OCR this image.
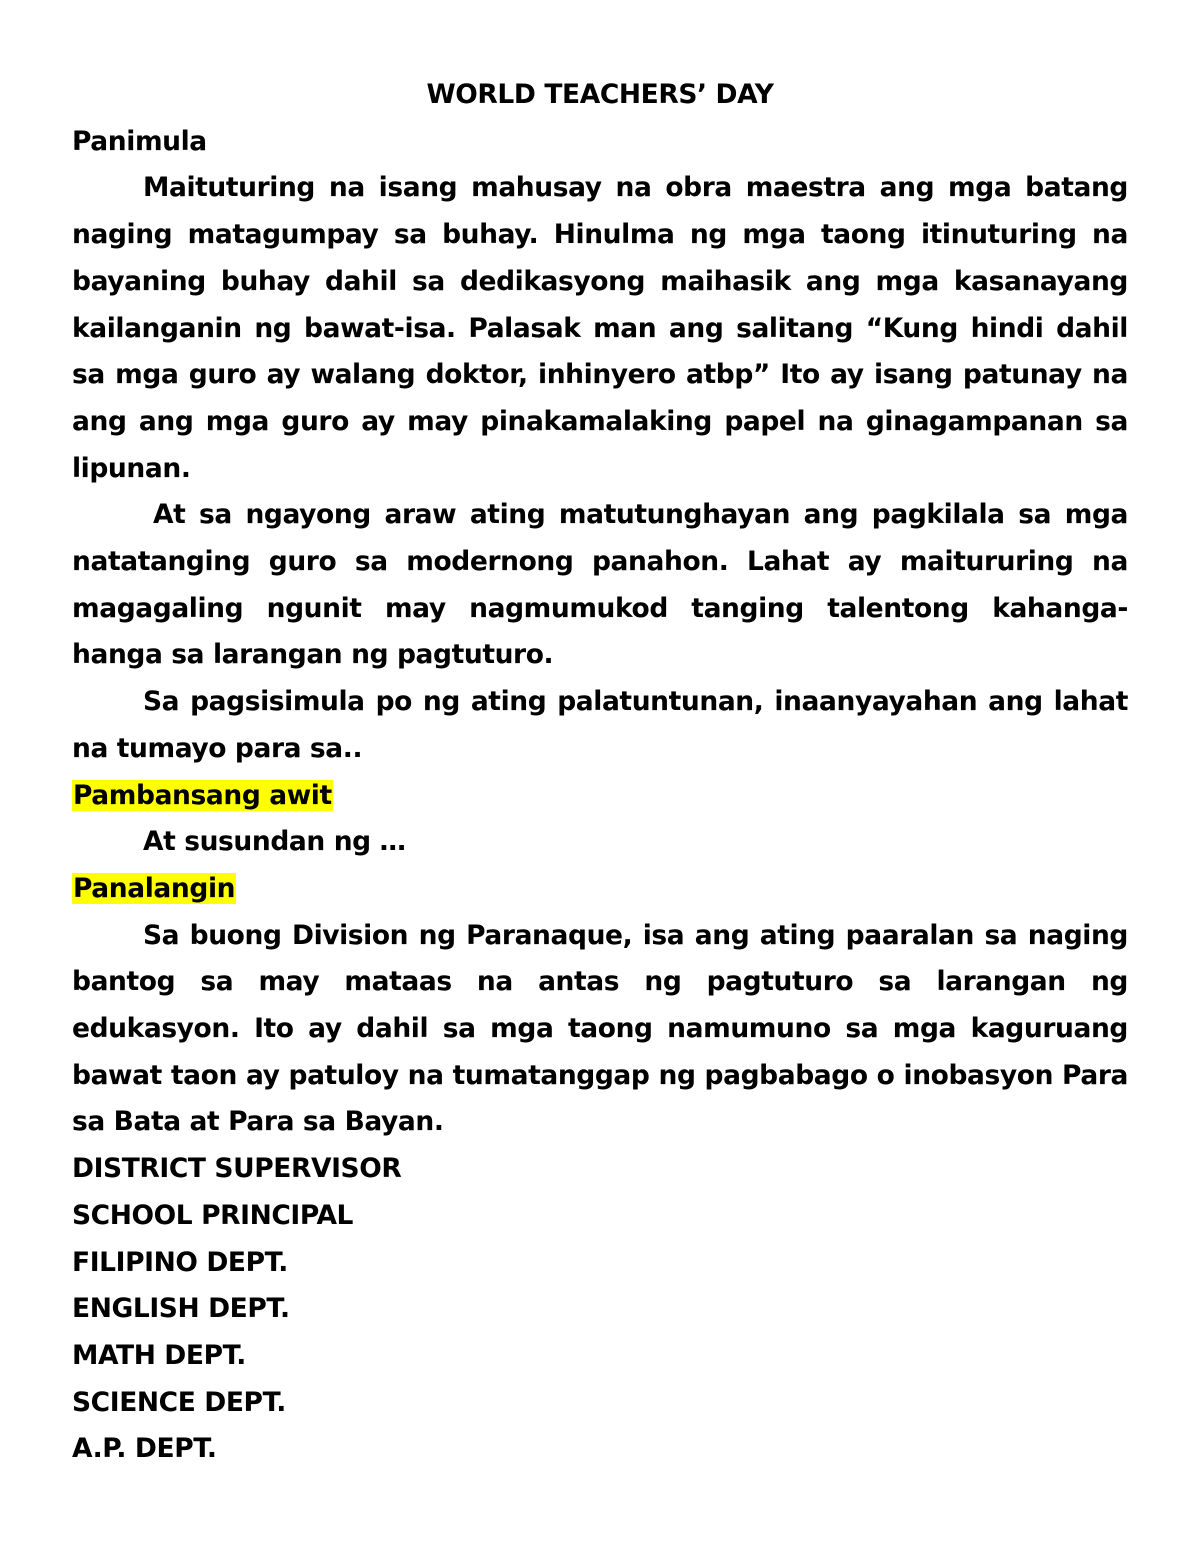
WORLD TEACHERS’ DAY

Panimula

Maituturing na isang mahusay na obra maestra ang mga batang naging matagumpay sa buhay. Hinulma ng mga taong itinuturing na bayaning buhay dahil sa dedikasyong maihasik ang mga kasanayang kailanganin ng bawat-isa. Palasak man ang salitang “Kung hindi dahil sa mga guro ay walang doktor, inhinyero atbp” Ito ay isang patunay na ang ang mga guro ay may pinakamalaking papel na ginagampanan sa lipunan.

At sa ngayong araw ating matutunghayan ang pagkilala sa mga natatanging guro sa modernong panahon. Lahat ay maitururing na magagaling ngunit may nagmumukod tanging talentong kahanga-hanga sa larangan ng pagtuturo.

Sa pagsisimula po ng ating palatuntunan, inaanyayahan ang lahat na tumayo para sa..

Pambansang awit

At susundan ng …

Panalangin

Sa buong Division ng Paranaque, isa ang ating paaralan sa naging bantog sa may mataas na antas ng pagtuturo sa larangan ng edukasyon. Ito ay dahil sa mga taong namumuno sa mga kaguruang bawat taon ay patuloy na tumatanggap ng pagbabago o inobasyon Para sa Bata at Para sa Bayan.

DISTRICT SUPERVISOR

SCHOOL PRINCIPAL

FILIPINO DEPT.

ENGLISH DEPT.

MATH DEPT.

SCIENCE DEPT.

A.P. DEPT.
